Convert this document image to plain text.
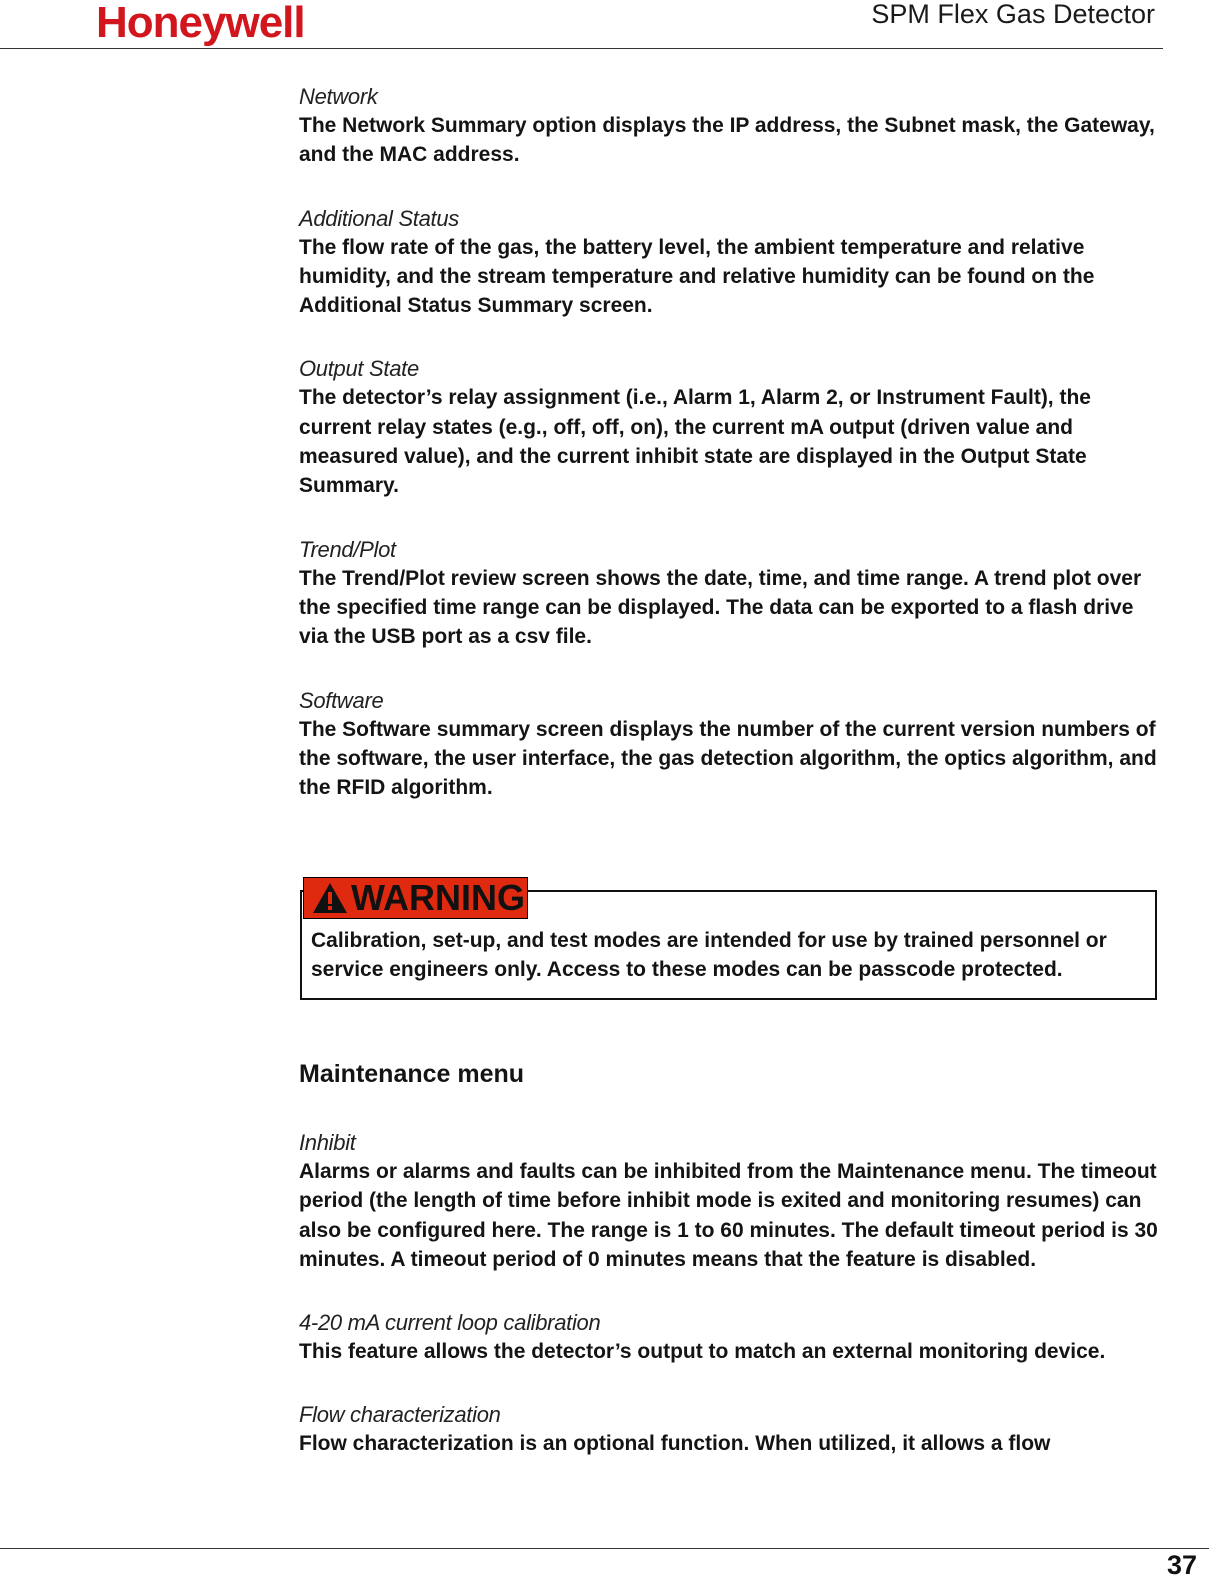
Honeywell	SPM Flex Gas Detector
Network
The Network Summary option displays the IP address, the Subnet mask, the Gateway, and the MAC address.
Additional Status
The flow rate of the gas, the battery level, the ambient temperature and relative humidity, and the stream temperature and relative humidity can be found on the Additional Status Summary screen.
Output State
The detector’s relay assignment (i.e., Alarm 1, Alarm 2, or Instrument Fault), the current relay states (e.g., off, off, on), the current mA output (driven value and measured value), and the current inhibit state are displayed in the Output State Summary.
Trend/Plot
The Trend/Plot review screen shows the date, time, and time range. A trend plot over the specified time range can be displayed. The data can be exported to a flash drive via the USB port as a csv file.
Software
The Software summary screen displays the number of the current version numbers of the software, the user interface, the gas detection algorithm, the optics algorithm, and the RFID algorithm.
WARNING
Calibration, set-up, and test modes are intended for use by trained personnel or service engineers only. Access to these modes can be passcode protected.
Maintenance menu
Inhibit
Alarms or alarms and faults can be inhibited from the Maintenance menu. The timeout period (the length of time before inhibit mode is exited and monitoring resumes) can also be configured here. The range is 1 to 60 minutes. The default timeout period is 30 minutes. A timeout period of 0 minutes means that the feature is disabled.
4-20 mA current loop calibration
This feature allows the detector’s output to match an external monitoring device.
Flow characterization
Flow characterization is an optional function. When utilized, it allows a flow
37
